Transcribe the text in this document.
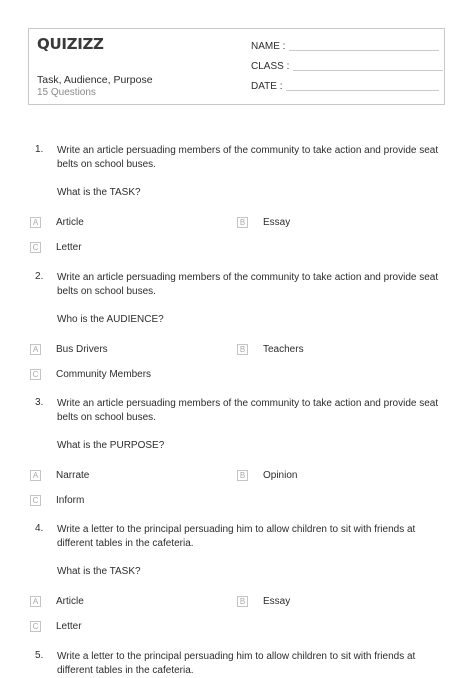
QUIZIZZ
Task, Audience, Purpose
15 Questions
NAME :
CLASS :
DATE :
1. Write an article persuading members of the community to take action and provide seat belts on school buses.
What is the TASK?
A Article	B Essay
C Letter
2. Write an article persuading members of the community to take action and provide seat belts on school buses.
Who is the AUDIENCE?
A Bus Drivers	B Teachers
C Community Members
3. Write an article persuading members of the community to take action and provide seat belts on school buses.
What is the PURPOSE?
A Narrate	B Opinion
C Inform
4. Write a letter to the principal persuading him to allow children to sit with friends at different tables in the cafeteria.
What is the TASK?
A Article	B Essay
C Letter
5. Write a letter to the principal persuading him to allow children to sit with friends at different tables in the cafeteria.
